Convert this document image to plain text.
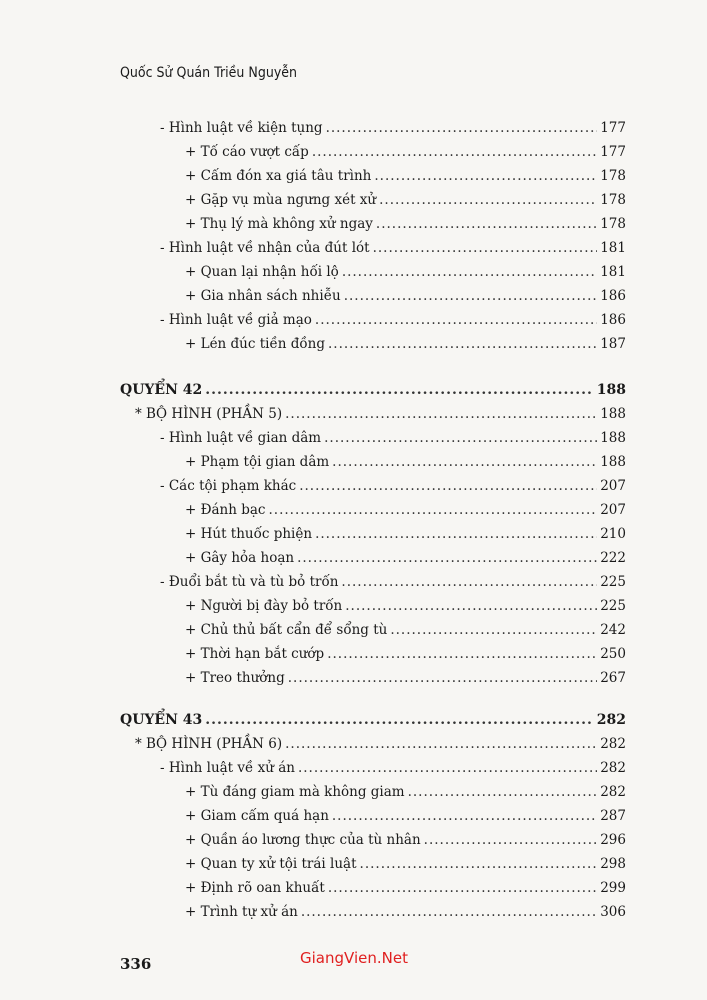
Quốc Sử Quán Triều Nguyễn
- Hình luật về kiện tụng .....	177
+ Tố cáo vượt cấp .....	177
+ Cấm đón xa giá tâu trình .....	178
+ Gặp vụ mùa ngưng xét xử .....	178
+ Thụ lý mà không xử ngay .....	178
- Hình luật về nhận của đút lót .....	181
+ Quan lại nhận hối lộ .....	181
+ Gia nhân sách nhiễu .....	186
- Hình luật về giả mạo .....	186
+ Lén đúc tiền đồng .....	187
QUYỂN 42 .....	188
* BỘ HÌNH (PHẦN 5) .....	188
- Hình luật về gian dâm .....	188
+ Phạm tội gian dâm .....	188
- Các tội phạm khác .....	207
+ Đánh bạc .....	207
+ Hút thuốc phiện .....	210
+ Gây hỏa hoạn .....	222
- Đuổi bắt tù và tù bỏ trốn .....	225
+ Người bị đày bỏ trốn .....	225
+ Chủ thủ bất cẩn để sổng tù .....	242
+ Thời hạn bắt cướp .....	250
+ Treo thưởng .....	267
QUYỂN 43 .....	282
* BỘ HÌNH (PHẦN 6) .....	282
- Hình luật về xử án .....	282
+ Tù đáng giam mà không giam .....	282
+ Giam cấm quá hạn .....	287
+ Quần áo lương thực của tù nhân .....	296
+ Quan ty xử tội trái luật .....	298
+ Định rõ oan khuất .....	299
+ Trình tự xử án .....	306
336	GiangVien.Net
